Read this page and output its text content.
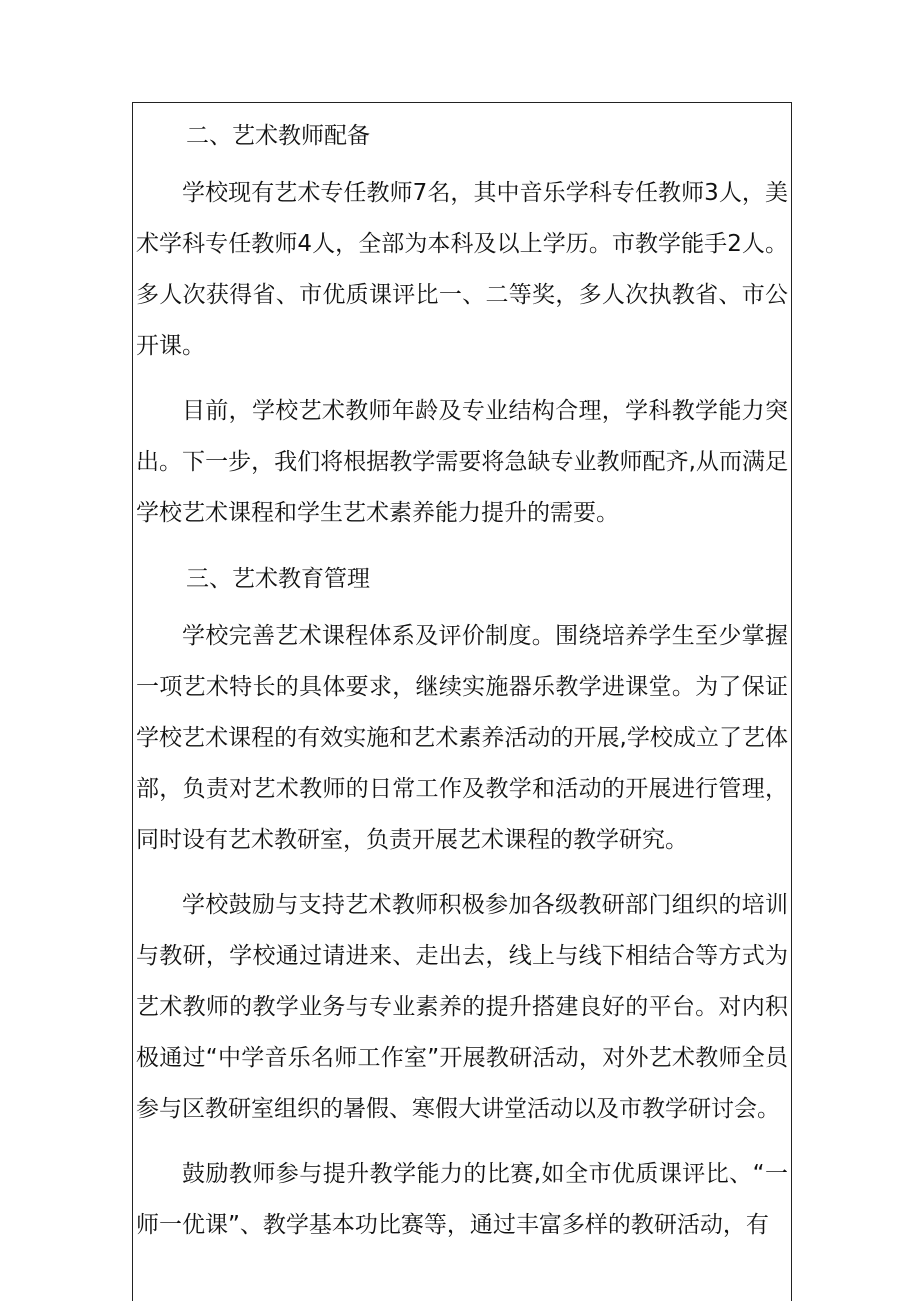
二、艺术教师配备

学校现有艺术专任教师7名，其中音乐学科专任教师3人，美术学科专任教师4人，全部为本科及以上学历。市教学能手2人。多人次获得省、市优质课评比一、二等奖，多人次执教省、市公开课。

目前，学校艺术教师年龄及专业结构合理，学科教学能力突出。下一步，我们将根据教学需要将急缺专业教师配齐,从而满足学校艺术课程和学生艺术素养能力提升的需要。

三、艺术教育管理

学校完善艺术课程体系及评价制度。围绕培养学生至少掌握一项艺术特长的具体要求，继续实施器乐教学进课堂。为了保证学校艺术课程的有效实施和艺术素养活动的开展,学校成立了艺体部，负责对艺术教师的日常工作及教学和活动的开展进行管理，同时设有艺术教研室，负责开展艺术课程的教学研究。

学校鼓励与支持艺术教师积极参加各级教研部门组织的培训与教研，学校通过请进来、走出去，线上与线下相结合等方式为艺术教师的教学业务与专业素养的提升搭建良好的平台。对内积极通过“中学音乐名师工作室”开展教研活动，对外艺术教师全员参与区教研室组织的暑假、寒假大讲堂活动以及市教学研讨会。

鼓励教师参与提升教学能力的比赛,如全市优质课评比、“一师一优课”、教学基本功比赛等，通过丰富多样的教研活动，有
